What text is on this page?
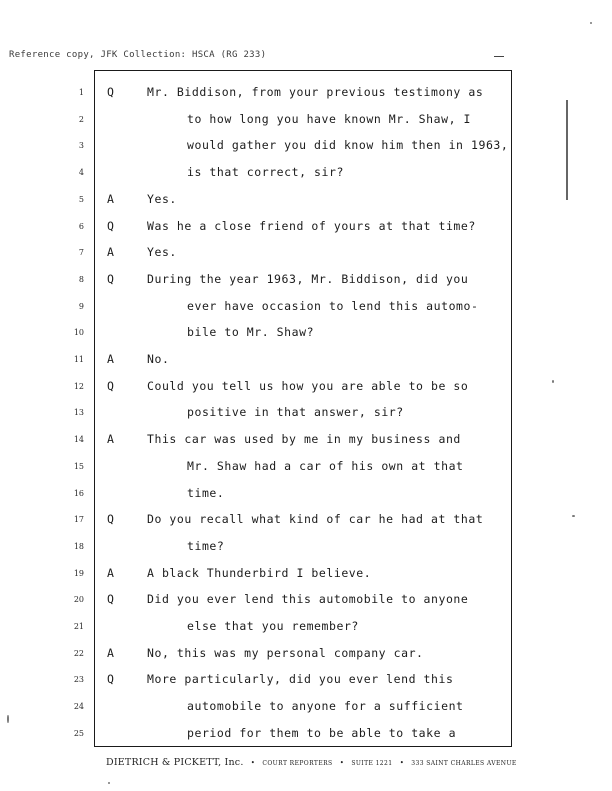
Reference copy, JFK Collection: HSCA (RG 233)
1 Q	Mr. Biddison, from your previous testimony as
2	to how long you have known Mr. Shaw, I
3	would gather you did know him then in 1963,
4	is that correct, sir?
5 A	Yes.
6 Q	Was he a close friend of yours at that time?
7 A	Yes.
8 Q	During the year 1963, Mr. Biddison, did you
9	ever have occasion to lend this automo-
10	bile to Mr. Shaw?
11 A	No.
12 Q	Could you tell us how you are able to be so
13	positive in that answer, sir?
14 A	This car was used by me in my business and
15	Mr. Shaw had a car of his own at that
16	time.
17 Q	Do you recall what kind of car he had at that
18	time?
19 A	A black Thunderbird I believe.
20 Q	Did you ever lend this automobile to anyone
21	else that you remember?
22 A	No, this was my personal company car.
23 Q	More particularly, did you ever lend this
24	automobile to anyone for a sufficient
25	period for them to be able to take a
DIETRICH & PICKETT, Inc. • COURT REPORTERS • SUITE 1221 • 333 SAINT CHARLES AVENUE
